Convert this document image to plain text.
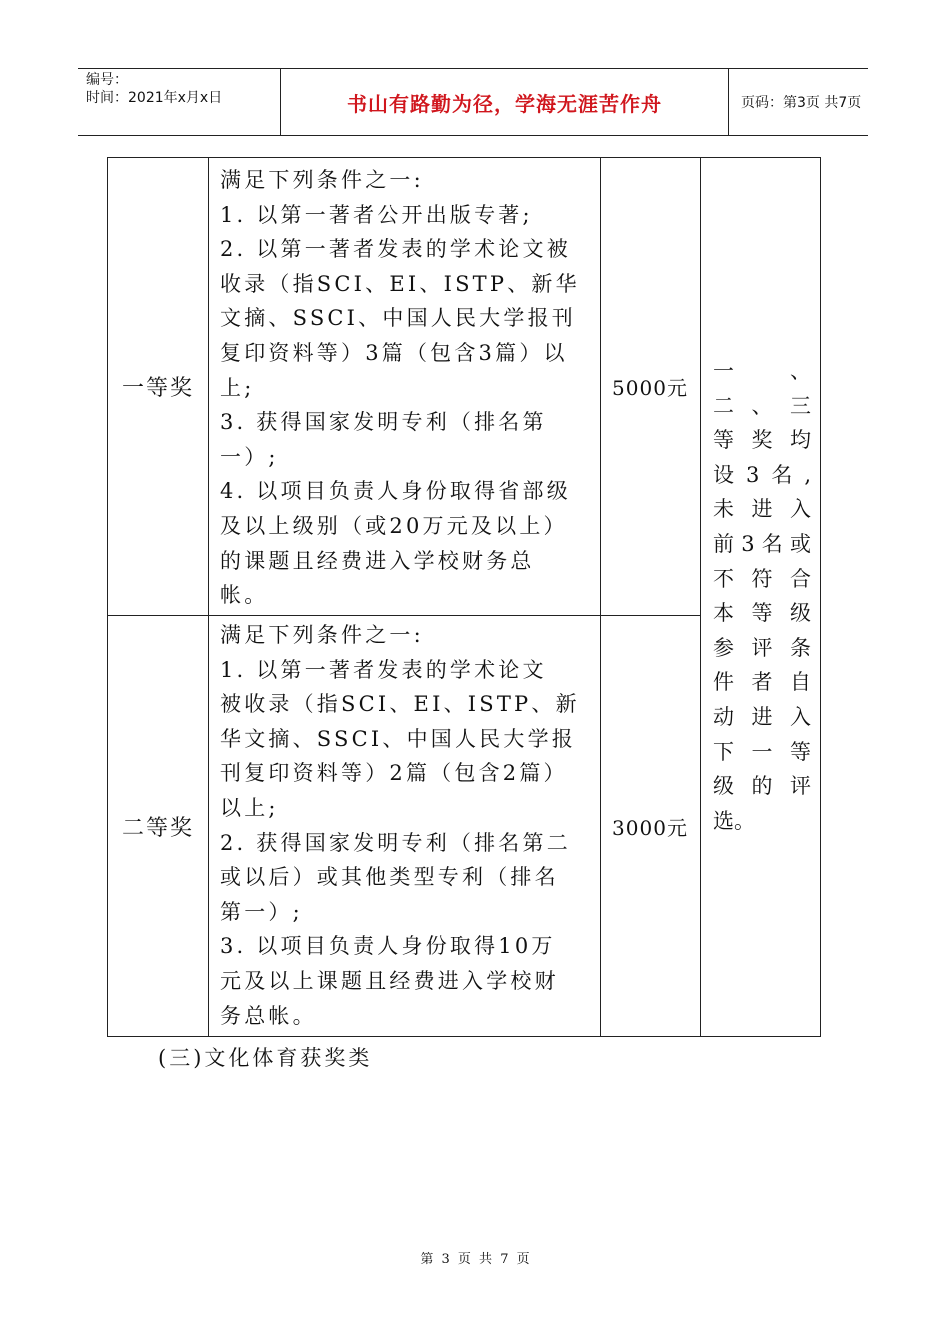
编号：
时间：2021年x月x日	书山有路勤为径，学海无涯苦作舟	页码：第3页 共7页
一等奖
满足下列条件之一:
1. 以第一著者公开出版专著;
2. 以第一著者发表的学术论文被
收录（指SCI、EI、ISTP、新华
文摘、SSCI、中国人民大学报刊
复印资料等）3篇（包含3篇）以
上;
3. 获得国家发明专利（排名第
一）;
4. 以项目负责人身份取得省部级
及以上级别（或20万元及以上）
的课题且经费进入学校财务总
帐。
5000元
二等奖
满足下列条件之一:
1. 以第一著者发表的学术论文
被收录（指SCI、EI、ISTP、新
华文摘、SSCI、中国人民大学报
刊复印资料等）2篇（包含2篇）
以上;
2. 获得国家发明专利（排名第二
或以后）或其他类型专利（排名
第一）;
3. 以项目负责人身份取得10万
元及以上课题且经费进入学校财
务总帐。
3000元
一、
二、三
等奖均
设3名,
未进入
前3名或
不符合
本等级
参评条
件者自
动进入
下一等
级的评
选。
(三)文化体育获奖类
第 3 页 共 7 页
